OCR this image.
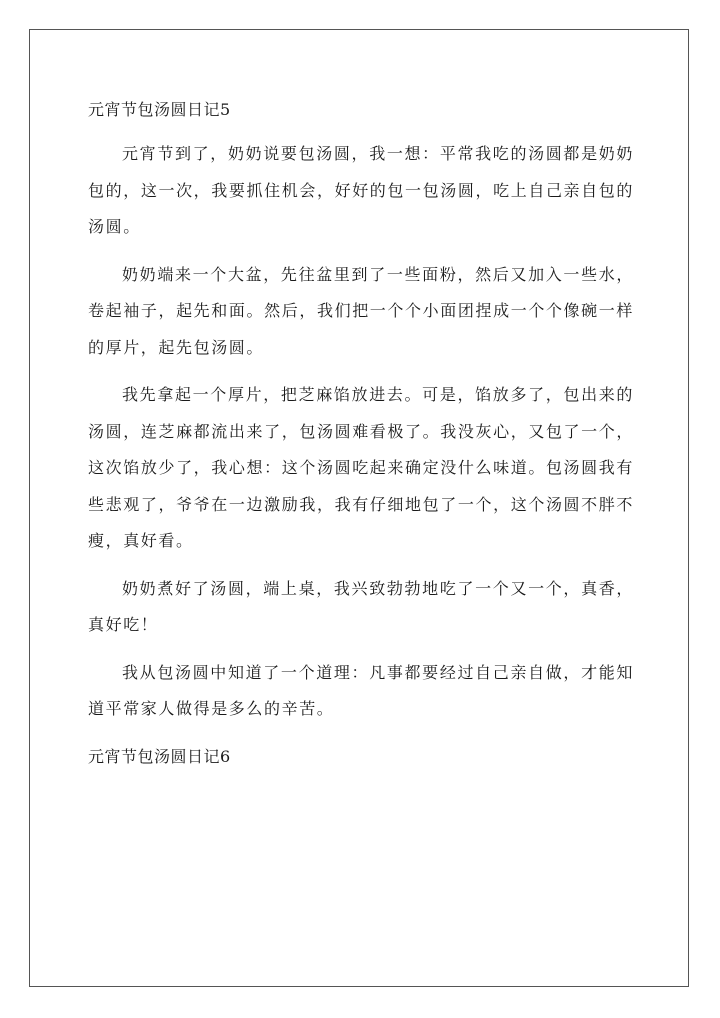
元宵节包汤圆日记5

元宵节到了，奶奶说要包汤圆，我一想：平常我吃的汤圆都是奶奶包的，这一次，我要抓住机会，好好的包一包汤圆，吃上自己亲自包的汤圆。

奶奶端来一个大盆，先往盆里到了一些面粉，然后又加入一些水，卷起袖子，起先和面。然后，我们把一个个小面团捏成一个个像碗一样的厚片，起先包汤圆。

我先拿起一个厚片，把芝麻馅放进去。可是，馅放多了，包出来的汤圆，连芝麻都流出来了，包汤圆难看极了。我没灰心，又包了一个，这次馅放少了，我心想：这个汤圆吃起来确定没什么味道。包汤圆我有些悲观了，爷爷在一边激励我，我有仔细地包了一个，这个汤圆不胖不瘦，真好看。

奶奶煮好了汤圆，端上桌，我兴致勃勃地吃了一个又一个，真香，真好吃！

我从包汤圆中知道了一个道理：凡事都要经过自己亲自做，才能知道平常家人做得是多么的辛苦。

元宵节包汤圆日记6
